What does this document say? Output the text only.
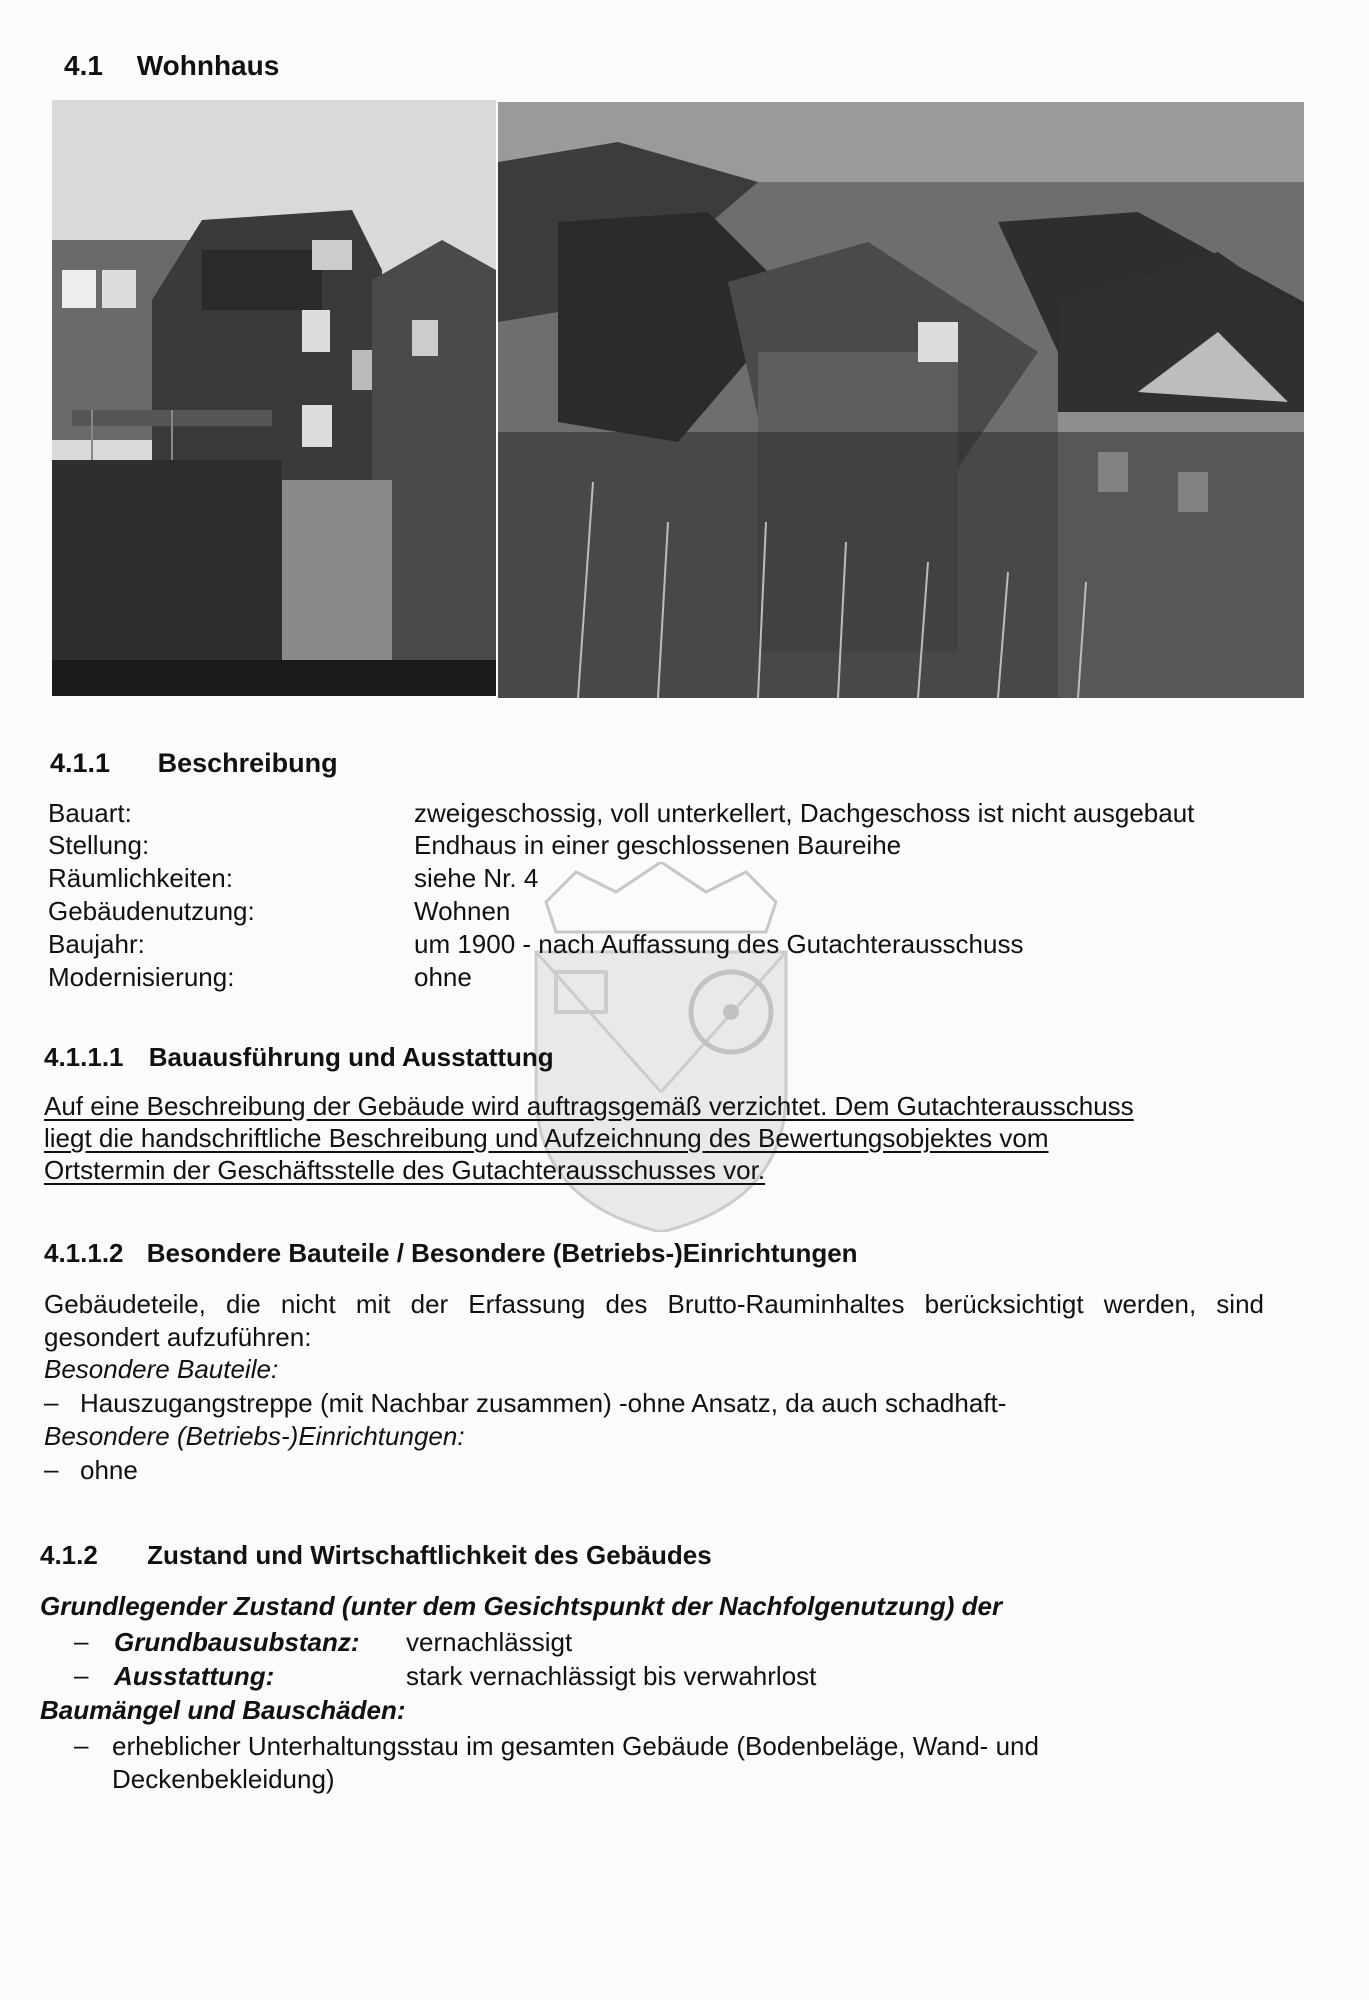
4.1 Wohnhaus
4.1.1 Beschreibung
Bauart:	zweigeschossig, voll unterkellert, Dachgeschoss ist nicht ausgebaut
Stellung:	Endhaus in einer geschlossenen Baureihe
Räumlichkeiten:	siehe Nr. 4
Gebäudenutzung:	Wohnen
Baujahr:	um 1900 - nach Auffassung des Gutachterausschuss
Modernisierung:	ohne
4.1.1.1 Bauausführung und Ausstattung
Auf eine Beschreibung der Gebäude wird auftragsgemäß verzichtet. Dem Gutachterausschuss
liegt die handschriftliche Beschreibung und Aufzeichnung des Bewertungsobjektes vom
Ortstermin der Geschäftsstelle des Gutachterausschusses vor.
4.1.1.2 Besondere Bauteile / Besondere (Betriebs-)Einrichtungen
Gebäudeteile, die nicht mit der Erfassung des Brutto-Rauminhaltes berücksichtigt werden, sind
gesondert aufzuführen:
Besondere Bauteile:
– Hauszugangstreppe (mit Nachbar zusammen) -ohne Ansatz, da auch schadhaft-
Besondere (Betriebs-)Einrichtungen:
– ohne
4.1.2 Zustand und Wirtschaftlichkeit des Gebäudes
Grundlegender Zustand (unter dem Gesichtspunkt der Nachfolgenutzung) der
– Grundbausubstanz: vernachlässigt
– Ausstattung:	stark vernachlässigt bis verwahrlost
Baumängel und Bauschäden:
– erheblicher Unterhaltungsstau im gesamten Gebäude (Bodenbeläge, Wand- und
Deckenbekleidung)
